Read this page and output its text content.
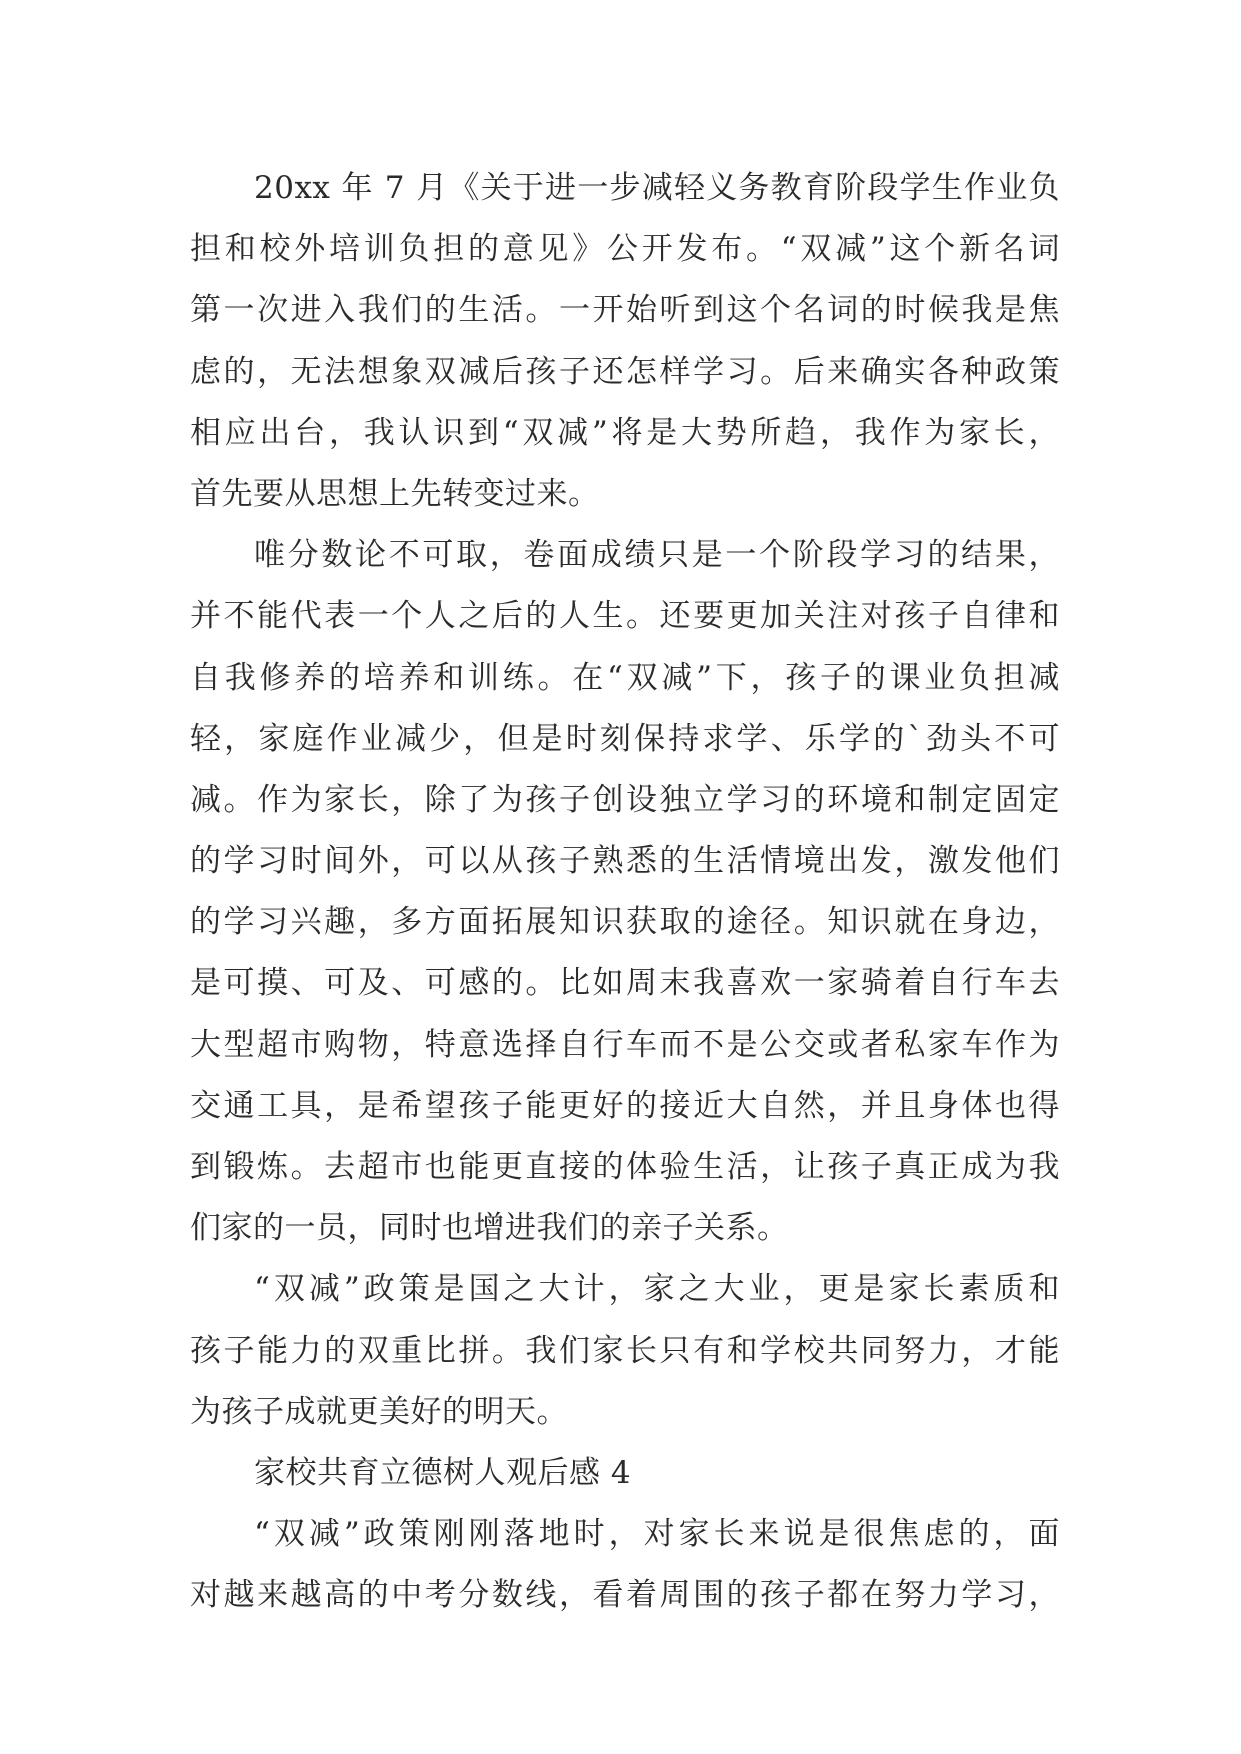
20xx 年 7 月《关于进一步减轻义务教育阶段学生作业负
担和校外培训负担的意见》公开发布。“双减”这个新名词
第一次进入我们的生活。一开始听到这个名词的时候我是焦
虑的，无法想象双减后孩子还怎样学习。后来确实各种政策
相应出台，我认识到“双减”将是大势所趋，我作为家长，
首先要从思想上先转变过来。
唯分数论不可取，卷面成绩只是一个阶段学习的结果，
并不能代表一个人之后的人生。还要更加关注对孩子自律和
自我修养的培养和训练。在“双减”下，孩子的课业负担减
轻，家庭作业减少，但是时刻保持求学、乐学的`劲头不可
减。作为家长，除了为孩子创设独立学习的环境和制定固定
的学习时间外，可以从孩子熟悉的生活情境出发，激发他们
的学习兴趣，多方面拓展知识获取的途径。知识就在身边，
是可摸、可及、可感的。比如周末我喜欢一家骑着自行车去
大型超市购物，特意选择自行车而不是公交或者私家车作为
交通工具，是希望孩子能更好的接近大自然，并且身体也得
到锻炼。去超市也能更直接的体验生活，让孩子真正成为我
们家的一员，同时也增进我们的亲子关系。
“双减”政策是国之大计，家之大业，更是家长素质和
孩子能力的双重比拼。我们家长只有和学校共同努力，才能
为孩子成就更美好的明天。
家校共育立德树人观后感 4
“双减”政策刚刚落地时，对家长来说是很焦虑的，面
对越来越高的中考分数线，看着周围的孩子都在努力学习，
